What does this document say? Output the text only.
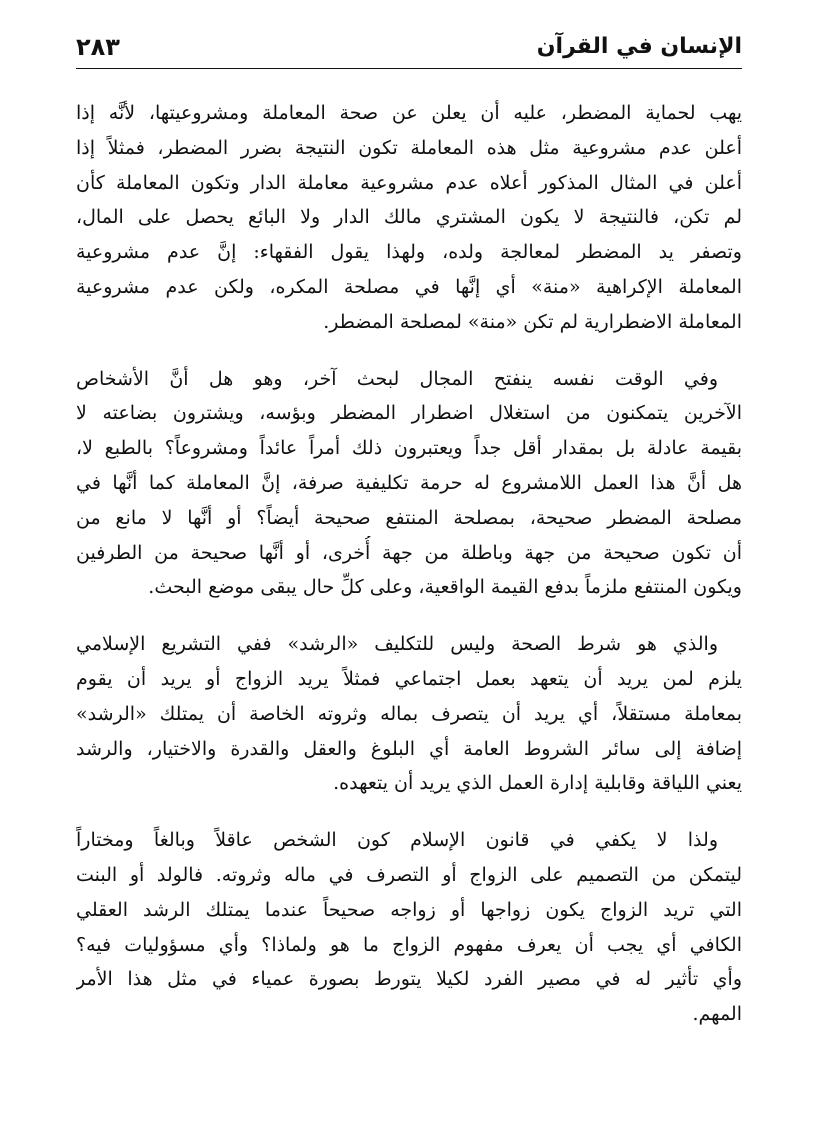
الإنسان في القرآن
٢٨٣
يهب لحماية المضطر، عليه أن يعلن عن صحة المعاملة ومشروعيتها، لأنَّه إذا
أعلن عدم مشروعية مثل هذه المعاملة تكون النتيجة بضرر المضطر، فمثلاً إذا
أعلن في المثال المذكور أعلاه عدم مشروعية معاملة الدار وتكون المعاملة كأن
لم تكن، فالنتيجة لا يكون المشتري مالك الدار ولا البائع يحصل على المال،
وتصفر يد المضطر لمعالجة ولده، ولهذا يقول الفقهاء: إنَّ عدم مشروعية
المعاملة الإكراهية «منة» أي إنَّها في مصلحة المكره، ولكن عدم مشروعية
المعاملة الاضطرارية لم تكن «منة» لمصلحة المضطر.
وفي الوقت نفسه ينفتح المجال لبحث آخر، وهو هل أنَّ الأشخاص
الآخرين يتمكنون من استغلال اضطرار المضطر وبؤسه، ويشترون بضاعته لا
بقيمة عادلة بل بمقدار أقل جداً ويعتبرون ذلك أمراً عائداً ومشروعاً؟ بالطبع لا،
هل أنَّ هذا العمل اللامشروع له حرمة تكليفية صرفة، إنَّ المعاملة كما أنَّها في
مصلحة المضطر صحيحة، بمصلحة المنتفع صحيحة أيضاً؟ أو أنَّها لا مانع من
أن تكون صحيحة من جهة وباطلة من جهة أُخرى، أو أنَّها صحيحة من الطرفين
ويكون المنتفع ملزماً بدفع القيمة الواقعية، وعلى كلِّ حال يبقى موضع البحث.
والذي هو شرط الصحة وليس للتكليف «الرشد» ففي التشريع الإسلامي
يلزم لمن يريد أن يتعهد بعمل اجتماعي فمثلاً يريد الزواج أو يريد أن يقوم
بمعاملة مستقلاً، أي يريد أن يتصرف بماله وثروته الخاصة أن يمتلك «الرشد»
إضافة إلى سائر الشروط العامة أي البلوغ والعقل والقدرة والاختيار، والرشد
يعني اللياقة وقابلية إدارة العمل الذي يريد أن يتعهده.
ولذا لا يكفي في قانون الإسلام كون الشخص عاقلاً وبالغاً ومختاراً
ليتمكن من التصميم على الزواج أو التصرف في ماله وثروته. فالولد أو البنت
التي تريد الزواج يكون زواجها أو زواجه صحيحاً عندما يمتلك الرشد العقلي
الكافي أي يجب أن يعرف مفهوم الزواج ما هو ولماذا؟ وأي مسؤوليات فيه؟
وأي تأثير له في مصير الفرد لكيلا يتورط بصورة عمياء في مثل هذا الأمر
المهم.
